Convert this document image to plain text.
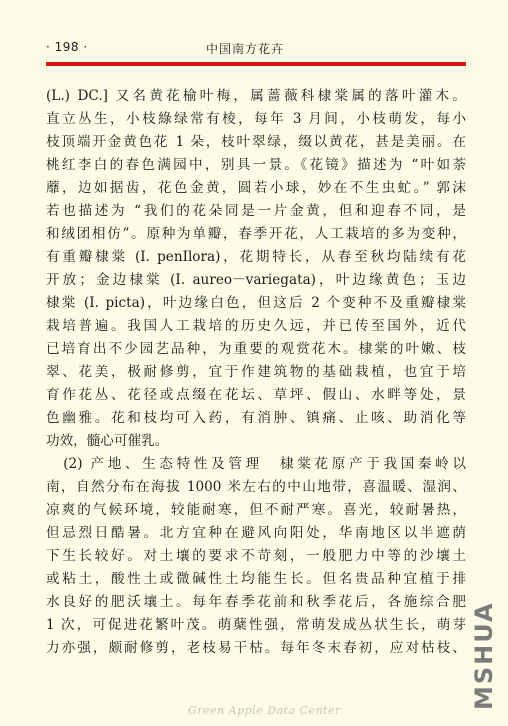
· 198 ·	中国南方花卉
(L.) DC.] 又名黄花榆叶梅，属蔷薇科棣棠属的落叶灌木。
直立丛生，小枝綠绿常有棱，每年 3 月间，小枝萌发，每小
枝顶端开金黄色花 1 朵，枝叶翠绿，缀以黄花，甚是美丽。在
桃红李白的春色满园中，别具一景。《花镜》描述为 “叶如荼
蘼，边如据齿，花色金黄，圆若小球，妙在不生虫虻。” 郭沫
若也描述为 “我们的花朵同是一片金黄，但和迎春不同，是
和绒团相仿”。原种为单瓣，春季开花，人工栽培的多为变种，
有重瓣棣棠 (I. penIlora)，花期特长，从春至秋均陆续有花
开放；金边棣棠 (I. aureo－variegata)，叶边缘黄色；玉边
棣棠 (I. picta)，叶边缘白色，但这后 2 个变种不及重瓣棣棠
栽培普遍。我国人工栽培的历史久远，并已传至国外，近代
已培育出不少园艺品种，为重要的观赏花木。棣棠的叶嫩、枝
翠、花美，极耐修剪，宜于作建筑物的基础栽植，也宜于培
育作花丛、花径或点缀在花坛、草坪、假山、水畔等处，景
色幽雅。花和枝均可入药，有消肿、镇痛、止咳、助消化等
功效，髓心可催乳。
　(2) 产地、生态特性及管理　棣棠花原产于我国秦岭以
南，自然分布在海拔 1000 米左右的中山地带，喜温暖、湿润、
凉爽的气候环境，较能耐寒，但不耐严寒。喜光，较耐暑热，
但忌烈日酷暑。北方宜种在避风向阳处，华南地区以半遮荫
下生长较好。对土壤的要求不苛刻，一般肥力中等的沙壤土
或粘土，酸性土或微碱性土均能生长。但名贵品种宜植于排
水良好的肥沃壤土。每年春季花前和秋季花后，各施综合肥
1 次，可促进花繁叶茂。萌蘖性强，常萌发成丛状生长，萌芽
力亦强，颇耐修剪，老枝易干枯。每年冬末春初，应对枯枝、 MSHUA
Green Apple Data Center
